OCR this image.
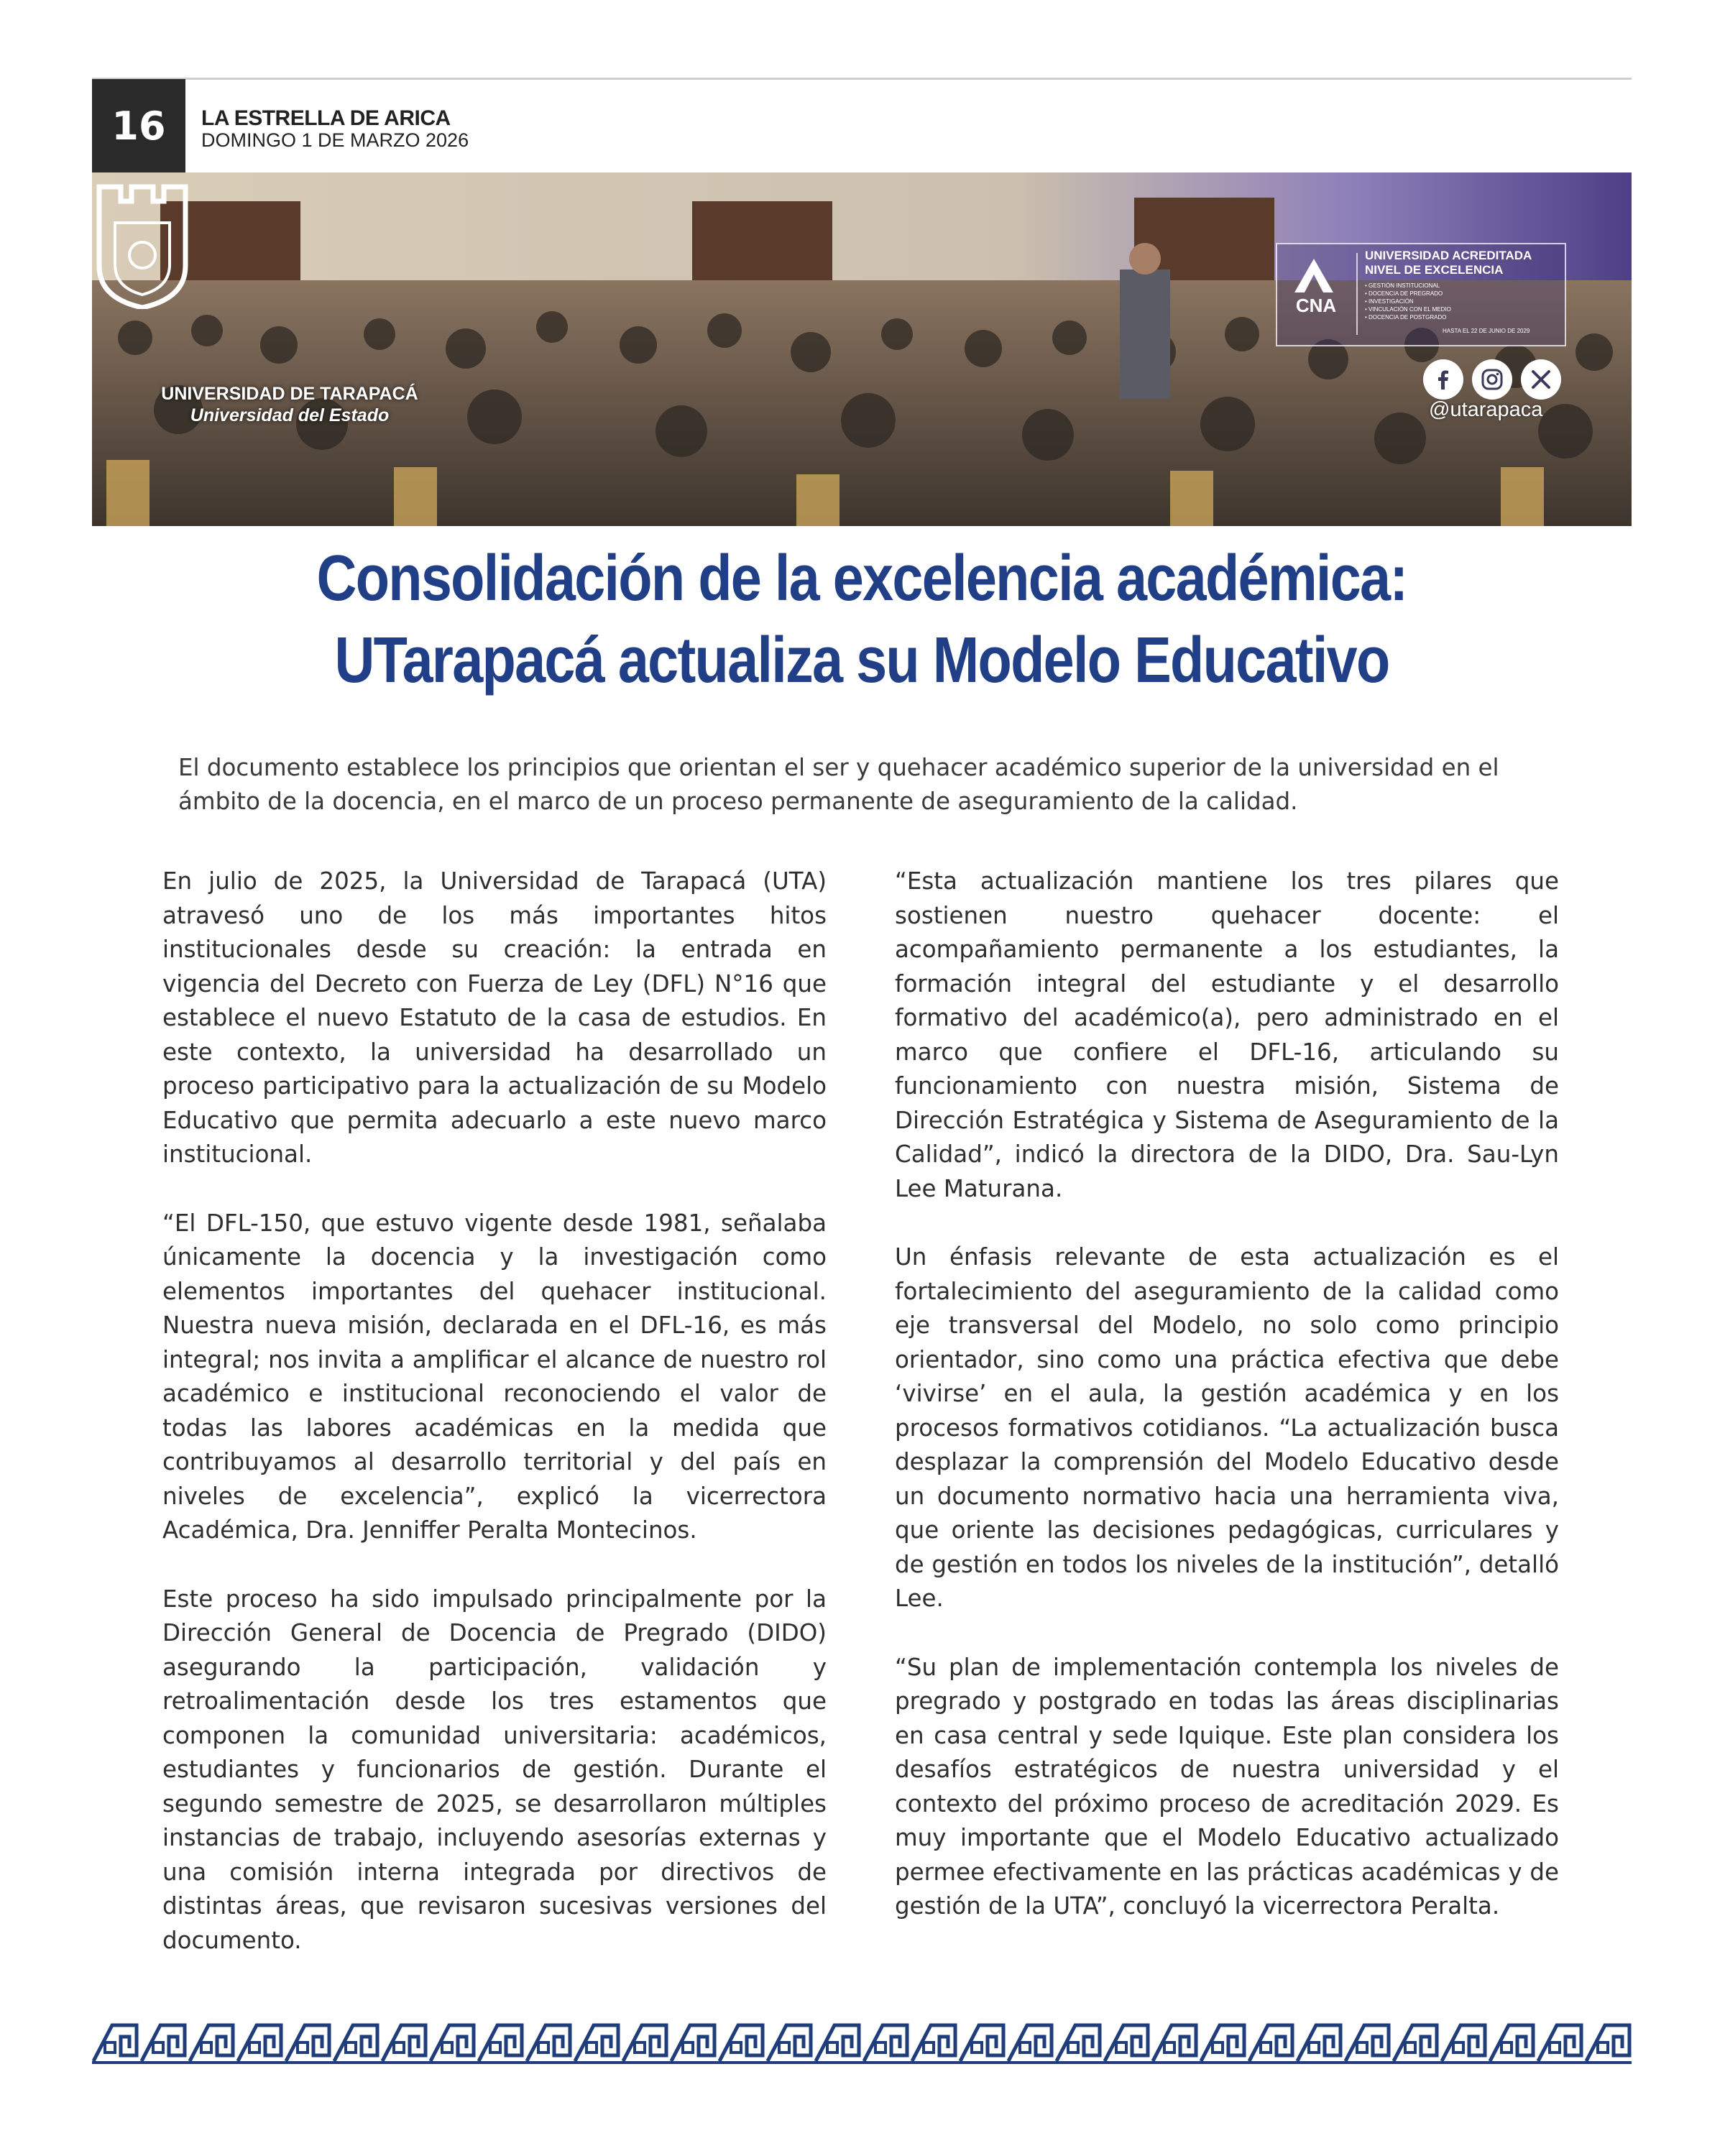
16	LA ESTRELLA DE ARICA
DOMINGO 1 DE MARZO 2026
UNIVERSIDAD DE TARAPACÁ
Universidad del Estado
CNA
UNIVERSIDAD ACREDITADA
NIVEL DE EXCELENCIA
• GESTIÓN INSTITUCIONAL
• DOCENCIA DE PREGRADO
• INVESTIGACIÓN
• VINCULACIÓN CON EL MEDIO
• DOCENCIA DE POSTGRADO
HASTA EL 22 DE JUNIO DE 2029
@utarapaca
Consolidación de la excelencia académica:
UTarapacá actualiza su Modelo Educativo

El documento establece los principios que orientan el ser y quehacer académico superior de la universidad en el ámbito de la docencia, en el marco de un proceso permanente de aseguramiento de la calidad.

En julio de 2025, la Universidad de Tarapacá (UTA) atravesó uno de los más importantes hitos institucionales desde su creación: la entrada en vigencia del Decreto con Fuerza de Ley (DFL) N°16 que establece el nuevo Estatuto de la casa de estudios. En este contexto, la universidad ha desarrollado un proceso participativo para la actualización de su Modelo Educativo que permita adecuarlo a este nuevo marco institucional.

“El DFL-150, que estuvo vigente desde 1981, señalaba únicamente la docencia y la investigación como elementos importantes del quehacer institucional. Nuestra nueva misión, declarada en el DFL-16, es más integral; nos invita a amplificar el alcance de nuestro rol académico e institucional reconociendo el valor de todas las labores académicas en la medida que contribuyamos al desarrollo territorial y del país en niveles de excelencia”, explicó la vicerrectora Académica, Dra. Jenniffer Peralta Montecinos.

Este proceso ha sido impulsado principalmente por la Dirección General de Docencia de Pregrado (DIDO) asegurando la participación, validación y retroalimentación desde los tres estamentos que componen la comunidad universitaria: académicos, estudiantes y funcionarios de gestión. Durante el segundo semestre de 2025, se desarrollaron múltiples instancias de trabajo, incluyendo asesorías externas y una comisión interna integrada por directivos de distintas áreas, que revisaron sucesivas versiones del documento.

“Esta actualización mantiene los tres pilares que sostienen nuestro quehacer docente: el acompañamiento permanente a los estudiantes, la formación integral del estudiante y el desarrollo formativo del académico(a), pero administrado en el marco que confiere el DFL-16, articulando su funcionamiento con nuestra misión, Sistema de Dirección Estratégica y Sistema de Aseguramiento de la Calidad”, indicó la directora de la DIDO, Dra. Sau-Lyn Lee Maturana.

Un énfasis relevante de esta actualización es el fortalecimiento del aseguramiento de la calidad como eje transversal del Modelo, no solo como principio orientador, sino como una práctica efectiva que debe ‘vivirse’ en el aula, la gestión académica y en los procesos formativos cotidianos. “La actualización busca desplazar la comprensión del Modelo Educativo desde un documento normativo hacia una herramienta viva, que oriente las decisiones pedagógicas, curriculares y de gestión en todos los niveles de la institución”, detalló Lee.

“Su plan de implementación contempla los niveles de pregrado y postgrado en todas las áreas disciplinarias en casa central y sede Iquique. Este plan considera los desafíos estratégicos de nuestra universidad y el contexto del próximo proceso de acreditación 2029. Es muy importante que el Modelo Educativo actualizado permee efectivamente en las prácticas académicas y de gestión de la UTA”, concluyó la vicerrectora Peralta.
